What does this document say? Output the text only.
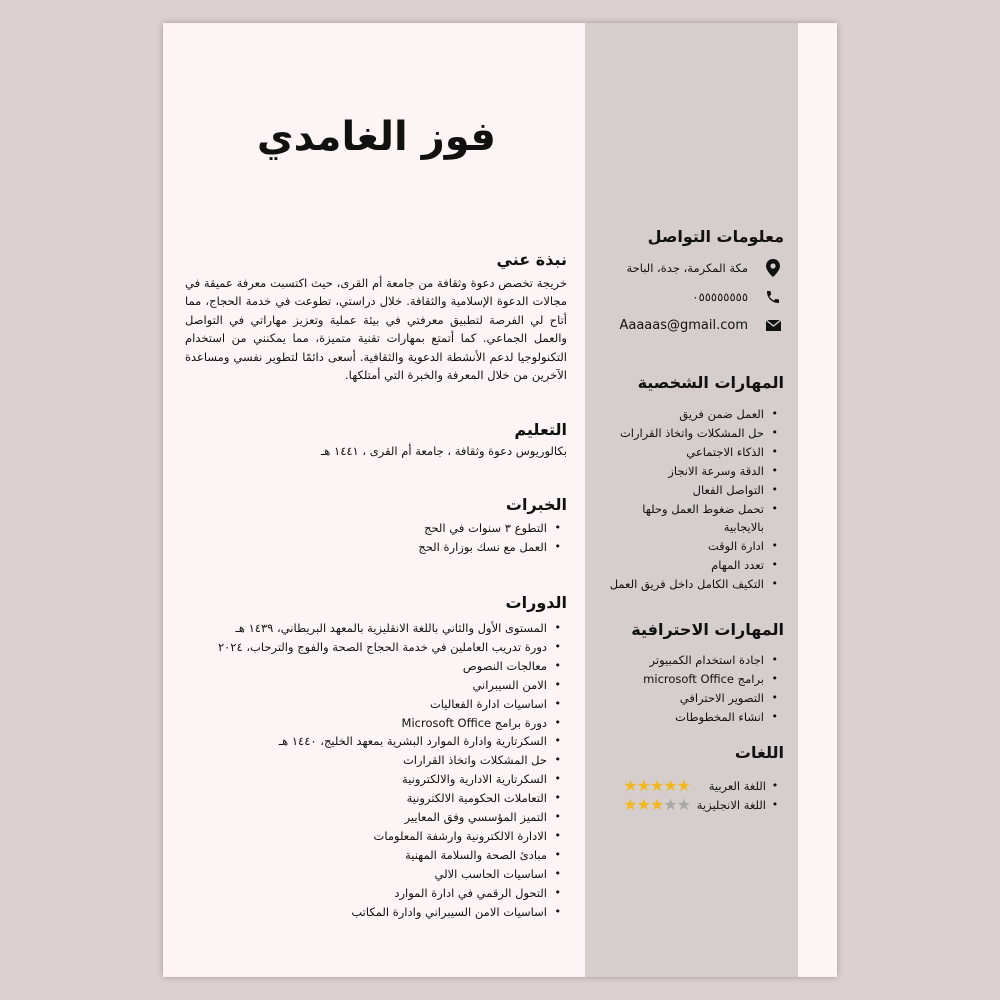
فوز الغامدي
نبذة عني

خريجة تخصص دعوة وثقافة من جامعة أم القرى، حيث اكتسبت معرفة عميقة في مجالات الدعوة الإسلامية والثقافة. خلال دراستي، تطوعت في خدمة الحجاج، مما أتاح لي الفرصة لتطبيق معرفتي في بيئة عملية وتعزيز مهاراتي في التواصل والعمل الجماعي. كما أتمتع بمهارات تقنية متميزة، مما يمكنني من استخدام التكنولوجيا لدعم الأنشطة الدعوية والثقافية. أسعى دائمًا لتطوير نفسي ومساعدة الآخرين من خلال المعرفة والخبرة التي أمتلكها.

التعليم
بكالوريوس دعوة وثقافة ، جامعة أم القرى ، ١٤٤١ هـ
الخبرات
• التطوع ٣ سنوات في الحج
• العمل مع نسك بوزارة الحج
الدورات
• المستوى الأول والثاني باللغة الانقليزية بالمعهد البريطاني، ١٤٣٩ هـ
• دورة تدريب العاملين في خدمة الحجاج الصحة والفوج والترحاب، ٢٠٢٤
• معالجات النصوص
• الامن السيبراني
• اساسيات ادارة الفعاليات
• دورة برامج Microsoft Office
• السكرتارية وادارة الموارد البشرية بمعهد الخليج، ١٤٤٠ هـ
• حل المشكلات واتخاذ القرارات
• السكرتارية الادارية والالكترونية
• التعاملات الحكومية الالكترونية
• التميز المؤسسي وفق المعايير
• الادارة الالكترونية وارشفة المعلومات
• مبادئ الصحة والسلامة المهنية
• اساسيات الحاسب الالي
• التحول الرقمي في ادارة الموارد
• اساسيات الامن السيبراني وادارة المكاتب
معلومات التواصل
مكة المكرمة، جدة، الباحة
٠٥٥٥٥٥٥٥٥
Aaaaas@gmail.com
المهارات الشخصية
• العمل ضمن فريق
• حل المشكلات واتخاذ القرارات
• الذكاء الاجتماعي
• الدقة وسرعة الانجاز
• التواصل الفعال
• تحمل ضغوط العمل وحلها بالايجابية
• ادارة الوقت
• تعدد المهام
• التكيف الكامل داخل فريق العمل
المهارات الاحترافية
• اجادة استخدام الكمبيوتر
• برامج microsoft Office
• التصوير الاحترافي
• انشاء المخطوطات
اللغات
•
اللغة العربية
★★★★★
•
اللغة الانجليزية
★★★★★
